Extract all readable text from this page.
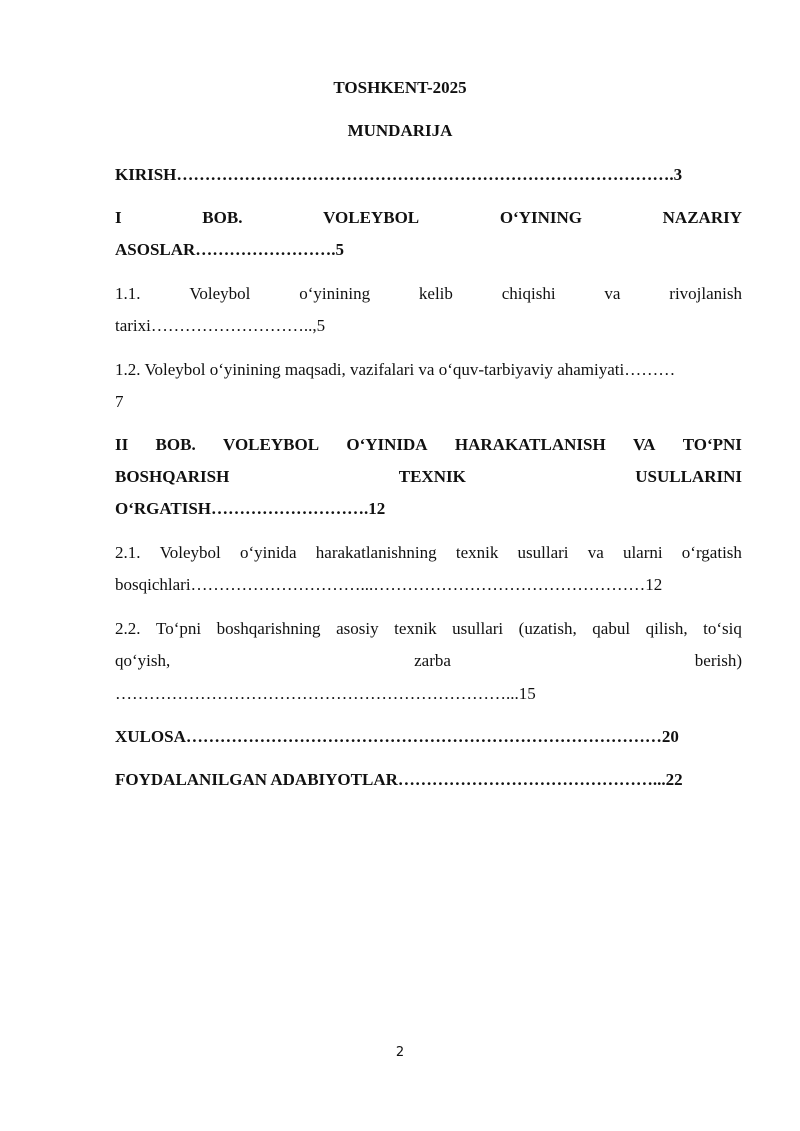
TOSHKENT-2025
MUNDARIJA
KIRISH…………………………………………………………………………….3
I	BOB.	VOLEYBOL	O‘YINING	NAZARIY
ASOSLAR…………………….5
1.1.	Voleybol	o‘yinining	kelib	chiqishi	va	rivojlanish
tarixi………………………..,5
1.2. Voleybol o‘yinining maqsadi, vazifalari va o‘quv-tarbiyaviy ahamiyati………
7
II BOB. VOLEYBOL O‘YINIDA HARAKATLANISH VA TO‘PNI
BOSHQARISH	TEXNIK	USULLARINI
O‘RGATISH……………………….12
2.1. Voleybol o‘yinida harakatlanishning texnik usullari va ularni o‘rgatish
bosqichlari…………………………...…………………………………………12
2.2. To‘pni boshqarishning asosiy texnik usullari (uzatish, qabul qilish, to‘siq
qo‘yish,	zarba	berish)
……………………………………………………………...15
XULOSA…………………………………………………………………………20
FOYDALANILGAN ADABIYOTLAR………………………………………...22
2
